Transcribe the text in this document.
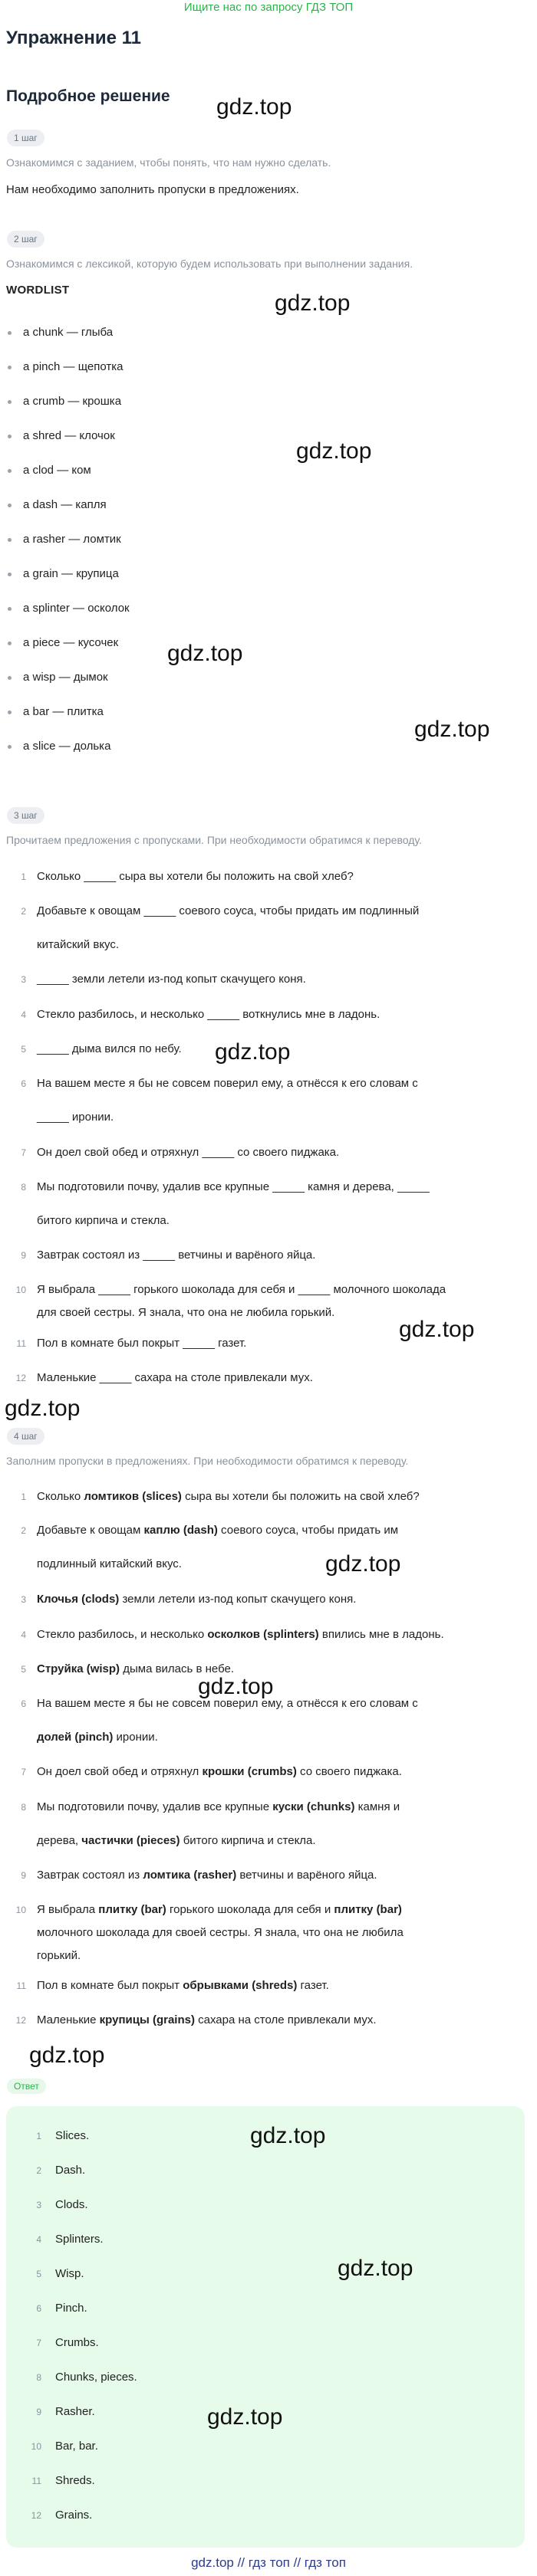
Ищите нас по запросу ГДЗ ТОП
Упражнение 11
Подробное решение
1 шаг
Ознакомимся с заданием, чтобы понять, что нам нужно сделать.
Нам необходимо заполнить пропуски в предложениях.
2 шаг
Ознакомимся с лексикой, которую будем использовать при выполнении задания.
WORDLIST
a chunk — глыба
a pinch — щепотка
a crumb — крошка
a shred — клочок
a clod — ком
a dash — капля
a rasher — ломтик
a grain — крупица
a splinter — осколок
a piece — кусочек
a wisp — дымок
a bar — плитка
a slice — долька
3 шаг
Прочитаем предложения с пропусками. При необходимости обратимся к переводу.
1 Сколько _____ сыра вы хотели бы положить на свой хлеб?
2 Добавьте к овощам _____ соевого соуса, чтобы придать им подлинный
китайский вкус.
3 _____ земли летели из-под копыт скачущего коня.
4 Стекло разбилось, и несколько _____ воткнулись мне в ладонь.
5 _____ дыма вился по небу.
6 На вашем месте я бы не совсем поверил ему, а отнёсся к его словам с
_____ иронии.
7 Он доел свой обед и отряхнул _____ со своего пиджака.
8 Мы подготовили почву, удалив все крупные _____ камня и дерева, _____
битого кирпича и стекла.
9 Завтрак состоял из _____ ветчины и варёного яйца.
10 Я выбрала _____ горького шоколада для себя и _____ молочного шоколада
для своей сестры. Я знала, что она не любила горький.
11 Пол в комнате был покрыт _____ газет.
12 Маленькие _____ сахара на столе привлекали мух.
4 шаг
Заполним пропуски в предложениях. При необходимости обратимся к переводу.
1 Сколько ломтиков (slices) сыра вы хотели бы положить на свой хлеб?
2 Добавьте к овощам каплю (dash) соевого соуса, чтобы придать им
подлинный китайский вкус.
3 Клочья (clods) земли летели из-под копыт скачущего коня.
4 Стекло разбилось, и несколько осколков (splinters) впились мне в ладонь.
5 Струйка (wisp) дыма вилась в небе.
6 На вашем месте я бы не совсем поверил ему, а отнёсся к его словам с
долей (pinch) иронии.
7 Он доел свой обед и отряхнул крошки (crumbs) со своего пиджака.
8 Мы подготовили почву, удалив все крупные куски (chunks) камня и
дерева, частички (pieces) битого кирпича и стекла.
9 Завтрак состоял из ломтика (rasher) ветчины и варёного яйца.
10 Я выбрала плитку (bar) горького шоколада для себя и плитку (bar)
молочного шоколада для своей сестры. Я знала, что она не любила
горький.
11 Пол в комнате был покрыт обрывками (shreds) газет.
12 Маленькие крупицы (grains) сахара на столе привлекали мух.
Ответ
1 Slices.
2 Dash.
3 Clods.
4 Splinters.
5 Wisp.
6 Pinch.
7 Crumbs.
8 Chunks, pieces.
9 Rasher.
10 Bar, bar.
11 Shreds.
12 Grains.
gdz.top
gdz.top
gdz.top
gdz.top
gdz.top
gdz.top
gdz.top
gdz.top
gdz.top
gdz.top
gdz.top
gdz.top
gdz.top
gdz.top
gdz.top // гдз топ // гдз топ
